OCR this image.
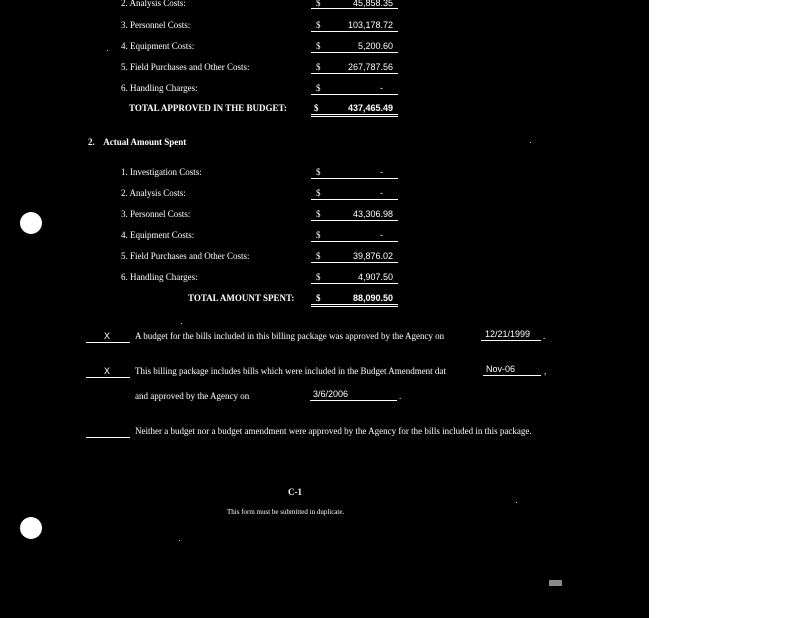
2. Analysis Costs:	$	45,858.35
3. Personnel Costs:	$	103,178.72
4. Equipment Costs:	$	5,200.60
5. Field Purchases and Other Costs:	$	267,787.56
6. Handling Charges:	$	-
TOTAL APPROVED IN THE BUDGET:	$	437,465.49
2.    Actual Amount Spent
1. Investigation Costs:	$	-
2. Analysis Costs:	$	-
3. Personnel Costs:	$	43,306.98
4. Equipment Costs:	$	-
5. Field Purchases and Other Costs:	$	39,876.02
6. Handling Charges:	$	4,907.50
TOTAL AMOUNT SPENT: $	88,090.50
X	A budget for the bills included in this billing package was approved by the Agency on	12/21/1999 .
X	This billing package includes bills which were included in the Budget Amendment dat	Nov-06	,
and approved by the Agency on	3/6/2006	.
Neither a budget nor a budget amendment were approved by the Agency for the bills included in this package.
C-1
This form must be submitted in duplicate.
